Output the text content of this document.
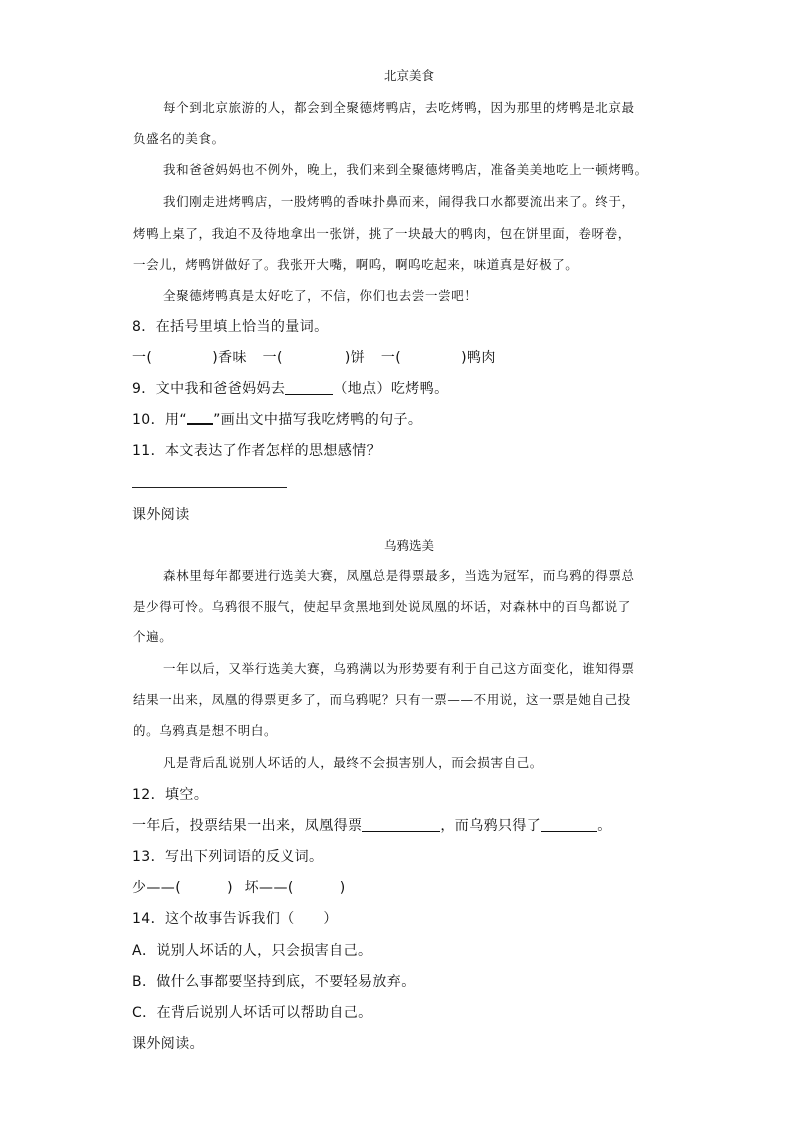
北京美食
每个到北京旅游的人，都会到全聚德烤鸭店，去吃烤鸭，因为那里的烤鸭是北京最
负盛名的美食。
我和爸爸妈妈也不例外，晚上，我们来到全聚德烤鸭店，准备美美地吃上一顿烤鸭。
我们刚走进烤鸭店，一股烤鸭的香味扑鼻而来，闹得我口水都要流出来了。终于，
烤鸭上桌了，我迫不及待地拿出一张饼，挑了一块最大的鸭肉，包在饼里面，卷呀卷，
一会儿，烤鸭饼做好了。我张开大嘴，啊呜，啊呜吃起来，味道真是好极了。
全聚德烤鸭真是太好吃了，不信，你们也去尝一尝吧！
8．在括号里填上恰当的量词。
一(	)香味 一(	)饼 一(	)鸭肉
9．文中我和爸爸妈妈去	（地点）吃烤鸭。
10．用“ ”画出文中描写我吃烤鸭的句子。
11．本文表达了作者怎样的思想感情？
课外阅读
乌鸦选美
森林里每年都要进行选美大赛，凤凰总是得票最多，当选为冠军，而乌鸦的得票总
是少得可怜。乌鸦很不服气，使起早贪黑地到处说凤凰的坏话，对森林中的百鸟都说了
个遍。
一年以后，又举行选美大赛，乌鸦满以为形势要有利于自己这方面变化，谁知得票
结果一出来，凤凰的得票更多了，而乌鸦呢？只有一票——不用说，这一票是她自己投
的。乌鸦真是想不明白。
凡是背后乱说别人坏话的人，最终不会损害别人，而会损害自己。
12．填空。
一年后，投票结果一出来，凤凰得票	，而乌鸦只得了	。
13．写出下列词语的反义词。
少——(	) 坏——(	)
14．这个故事告诉我们（　　）
A．说别人坏话的人，只会损害自己。
B．做什么事都要坚持到底，不要轻易放弃。
C．在背后说别人坏话可以帮助自己。
课外阅读。
